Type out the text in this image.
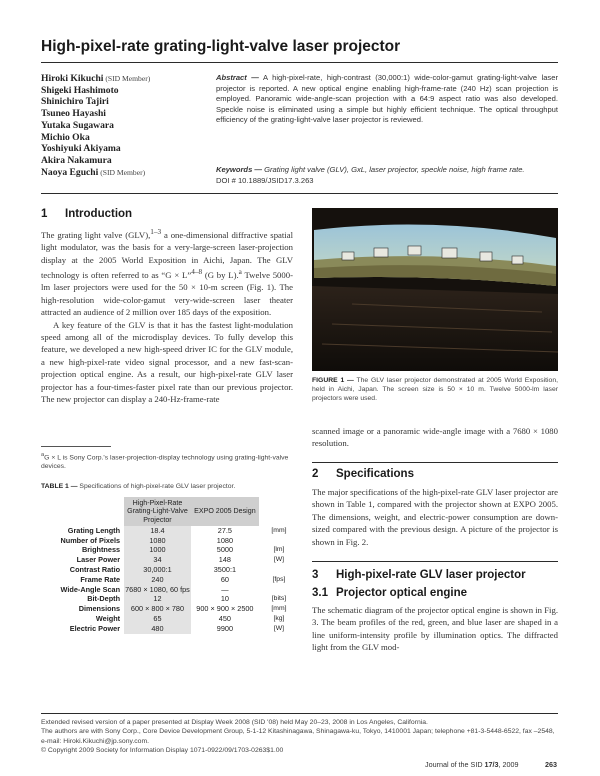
High-pixel-rate grating-light-valve laser projector
Hiroki Kikuchi (SID Member)
Shigeki Hashimoto
Shinichiro Tajiri
Tsuneo Hayashi
Yutaka Sugawara
Michio Oka
Yoshiyuki Akiyama
Akira Nakamura
Naoya Eguchi (SID Member)
Abstract — A high-pixel-rate, high-contrast (30,000:1) wide-color-gamut grating-light-valve laser projector is reported. A new optical engine enabling high-frame-rate (240 Hz) scan projection is employed. Panoramic wide-angle-scan projection with a 64:9 aspect ratio was also developed. Speckle noise is eliminated using a simple but highly efficient technique. The optical throughput efficiency of the grating-light-valve laser projector is reviewed.
Keywords — Grating light valve (GLV), GxL, laser projector, speckle noise, high frame rate.
DOI # 10.1889/JSID17.3.263
1 Introduction

The grating light valve (GLV),$^{1-3}$ a one-dimensional diffractive spatial light modulator, was the basis for a very-large-screen laser-projection display at the 2005 World Exposition in Aichi, Japan. The GLV technology is often referred to as “G × L”$^{4-8}$ (G by L).$^a$ Twelve 5000-lm laser projectors were used for the 50 × 10-m screen (Fig. 1). The high-resolution wide-color-gamut very-wide-screen laser theater attracted an audience of 2 million over 185 days of the exposition.

A key feature of the GLV is that it has the fastest light-modulation speed among all of the microdisplay devices. To fully develop this feature, we developed a new high-speed driver IC for the GLV module, a new high-pixel-rate video signal processor, and a new fast-scan-projection optical engine. As a result, our high-pixel-rate GLV laser projector has a four-times-faster pixel rate than our previous projector. The new projector can display a 240-Hz-frame-rate

FIGURE 1 — The GLV laser projector demonstrated at 2005 World Exposition, held in Aichi, Japan. The screen size is 50 × 10 m. Twelve 5000-lm laser projectors were used.

scanned image or a panoramic wide-angle image with a 7680 × 1080 resolution.

$^a$G × L is Sony Corp.'s laser-projection-display technology using grating-light-valve devices.
TABLE 1 — Specifications of high-pixel-rate GLV laser projector.
	High-Pixel-Rate Grating-Light-Valve Projector	EXPO 2005 Design	
Grating Length	18.4	27.5	[mm]
Number of Pixels	1080	1080	
Brightness	1000	5000	[lm]
Laser Power	34	148	[W]
Contrast Ratio	30,000:1	3500:1	
Frame Rate	240	60	[fps]
Wide-Angle Scan	7680 × 1080, 60 fps	—	
Bit-Depth	12	10	[bits]
Dimensions	600 × 800 × 780	900 × 900 × 2500	[mm]
Weight	65	450	[kg]
Electric Power	480	9900	[W]
2 Specifications

The major specifications of the high-pixel-rate GLV laser projector are shown in Table 1, compared with the projector shown at EXPO 2005. The dimensions, weight, and electric-power consumption are down-sized compared with the previous design. A picture of the projector is shown in Fig. 2.

3 High-pixel-rate GLV laser projector
3.1 Projector optical engine

The schematic diagram of the projector optical engine is shown in Fig. 3. The beam profiles of the red, green, and blue laser are shaped in a line uniform-intensity profile by illumination optics. The diffracted light from the GLV mod-

Extended revised version of a paper presented at Display Week 2008 (SID '08) held May 20–23, 2008 in Los Angeles, California.

The authors are with Sony Corp., Core Device Development Group, 5-1-12 Kitashinagawa, Shinagawa-ku, Tokyo, 1410001 Japan; telephone +81-3-5448-6522, fax –2548, e-mail: Hiroki.Kikuchi@jp.sony.com.

© Copyright 2009 Society for Information Display 1071-0922/09/1703-0263$1.00

Journal of the SID 17/3, 2009	263
